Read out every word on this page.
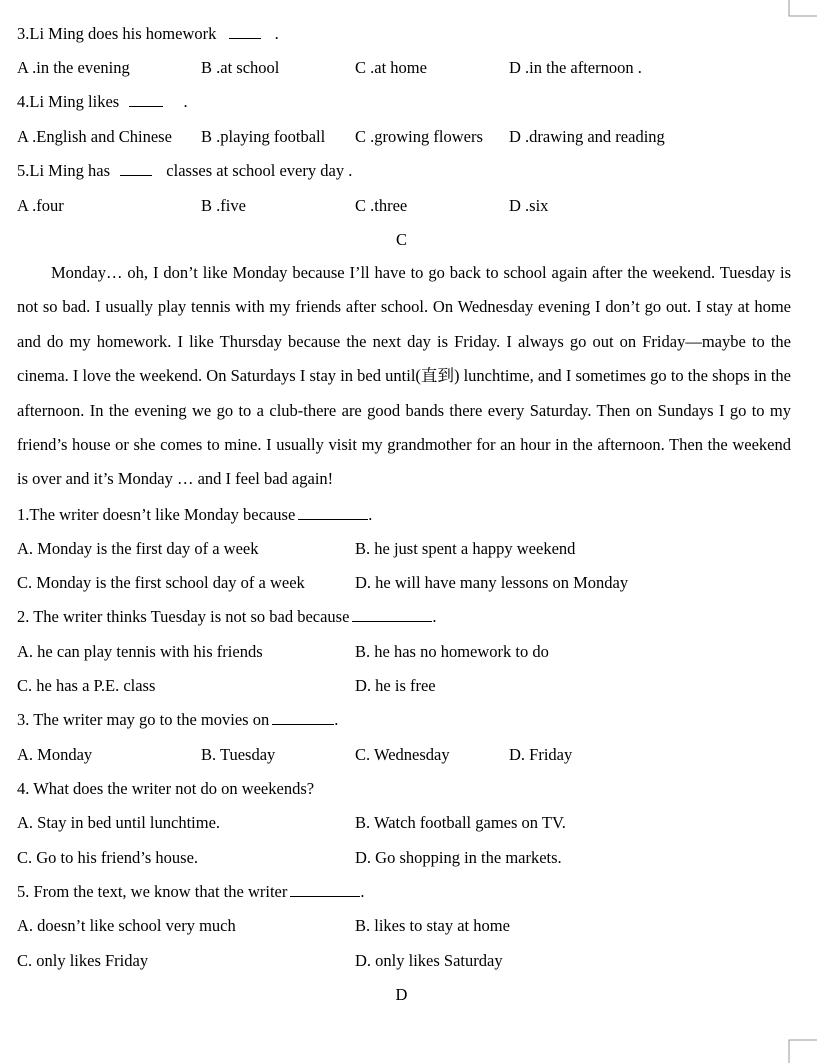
3.Li Ming does his homework	.
A .in the evening	B .at school	C .at home	D .in the afternoon .
4.Li Ming likes	.
A .English and Chinese B .playing football C .growing flowers D .drawing and reading
5.Li Ming has	classes at school every day .
A .four	B .five	C .three	D .six
C

Monday… oh, I don’t like Monday because I’ll have to go back to school again after the weekend. Tuesday is not so bad. I usually play tennis with my friends after school. On Wednesday evening I don’t go out. I stay at home and do my homework. I like Thursday because the next day is Friday. I always go out on Friday—maybe to the cinema. I love the weekend. On Saturdays I stay in bed until(直到) lunchtime, and I sometimes go to the shops in the afternoon. In the evening we go to a club-there are good bands there every Saturday. Then on Sundays I go to my friend’s house or she comes to mine. I usually visit my grandmother for an hour in the afternoon. Then the weekend is over and it’s Monday … and I feel bad again!

1.The writer doesn’t like Monday because	.
A. Monday is the first day of a week	B. he just spent a happy weekend
C. Monday is the first school day of a week	D. he will have many lessons on Monday
2. The writer thinks Tuesday is not so bad because	.
A. he can play tennis with his friends	B. he has no homework to do
C. he has a P.E. class	D. he is free
3. The writer may go to the movies on	.
A. Monday	B. Tuesday	C. Wednesday	D. Friday
4. What does the writer not do on weekends?
A. Stay in bed until lunchtime.	B. Watch football games on TV.
C. Go to his friend’s house.	D. Go shopping in the markets.
5. From the text, we know that the writer	.
A. doesn’t like school very much	B. likes to stay at home
C. only likes Friday	D. only likes Saturday
D
